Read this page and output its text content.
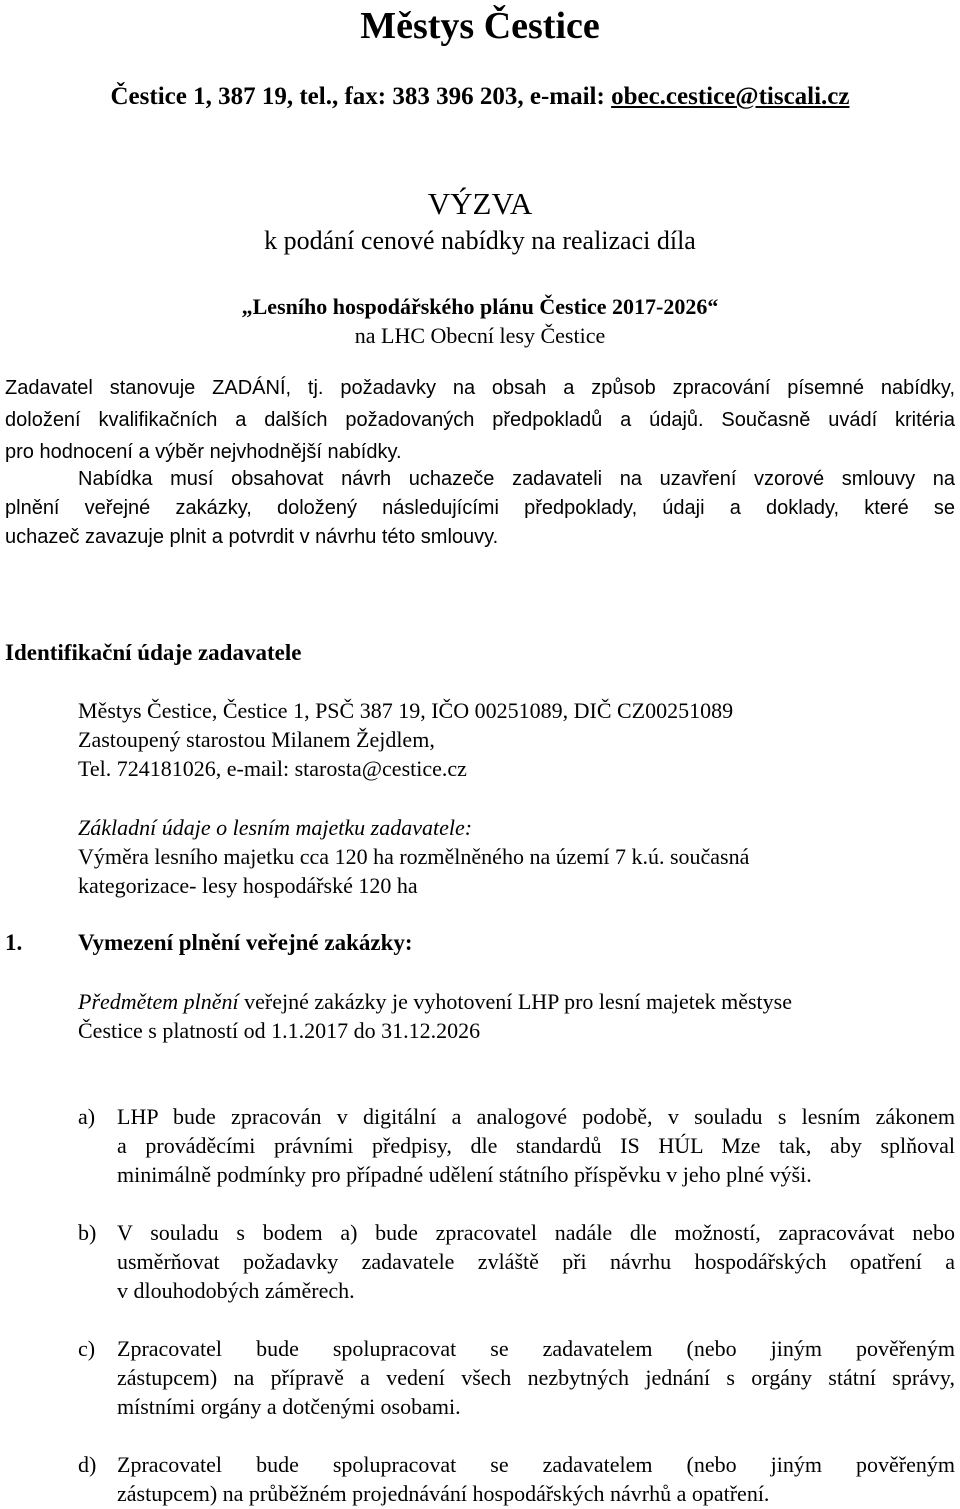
Městys Čestice
Čestice 1, 387 19, tel., fax: 383 396 203, e-mail: obec.cestice@tiscali.cz
VÝZVA
k podání cenové nabídky na realizaci díla
„Lesního hospodářského plánu Čestice 2017-2026“
na LHC Obecní lesy Čestice
Zadavatel stanovuje ZADÁNÍ, tj. požadavky na obsah a způsob zpracování písemné nabídky,
doložení kvalifikačních a dalších požadovaných předpokladů a údajů. Současně uvádí kritéria
pro hodnocení a výběr nejvhodnější nabídky.
Nabídka musí obsahovat návrh uchazeče zadavateli na uzavření vzorové smlouvy na
plnění veřejné zakázky, doložený následujícími předpoklady, údaji a doklady, které se
uchazeč zavazuje plnit a potvrdit v návrhu této smlouvy.
Identifikační údaje zadavatele
Městys Čestice, Čestice 1, PSČ 387 19, IČO 00251089, DIČ CZ00251089
Zastoupený starostou Milanem Žejdlem,
Tel. 724181026, e-mail: starosta@cestice.cz
Základní údaje o lesním majetku zadavatele:
Výměra lesního majetku cca 120 ha rozmělněného na území 7 k.ú. současná
kategorizace- lesy hospodářské 120 ha
1. Vymezení plnění veřejné zakázky:
Předmětem plnění veřejné zakázky je vyhotovení LHP pro lesní majetek městyse
Čestice s platností od 1.1.2017 do 31.12.2026
a) LHP bude zpracován v digitální a analogové podobě, v souladu s lesním zákonem
a prováděcími právními předpisy, dle standardů IS HÚL Mze tak, aby splňoval
minimálně podmínky pro případné udělení státního příspěvku v jeho plné výši.
b) V souladu s bodem a) bude zpracovatel nadále dle možností, zapracovávat nebo
usměrňovat požadavky zadavatele zvláště při návrhu hospodářských opatření a
v dlouhodobých záměrech.
c) Zpracovatel bude spolupracovat se zadavatelem (nebo jiným pověřeným
zástupcem) na přípravě a vedení všech nezbytných jednání s orgány státní správy,
místními orgány a dotčenými osobami.
d) Zpracovatel bude spolupracovat se zadavatelem (nebo jiným pověřeným
zástupcem) na průběžném projednávání hospodářských návrhů a opatření.
